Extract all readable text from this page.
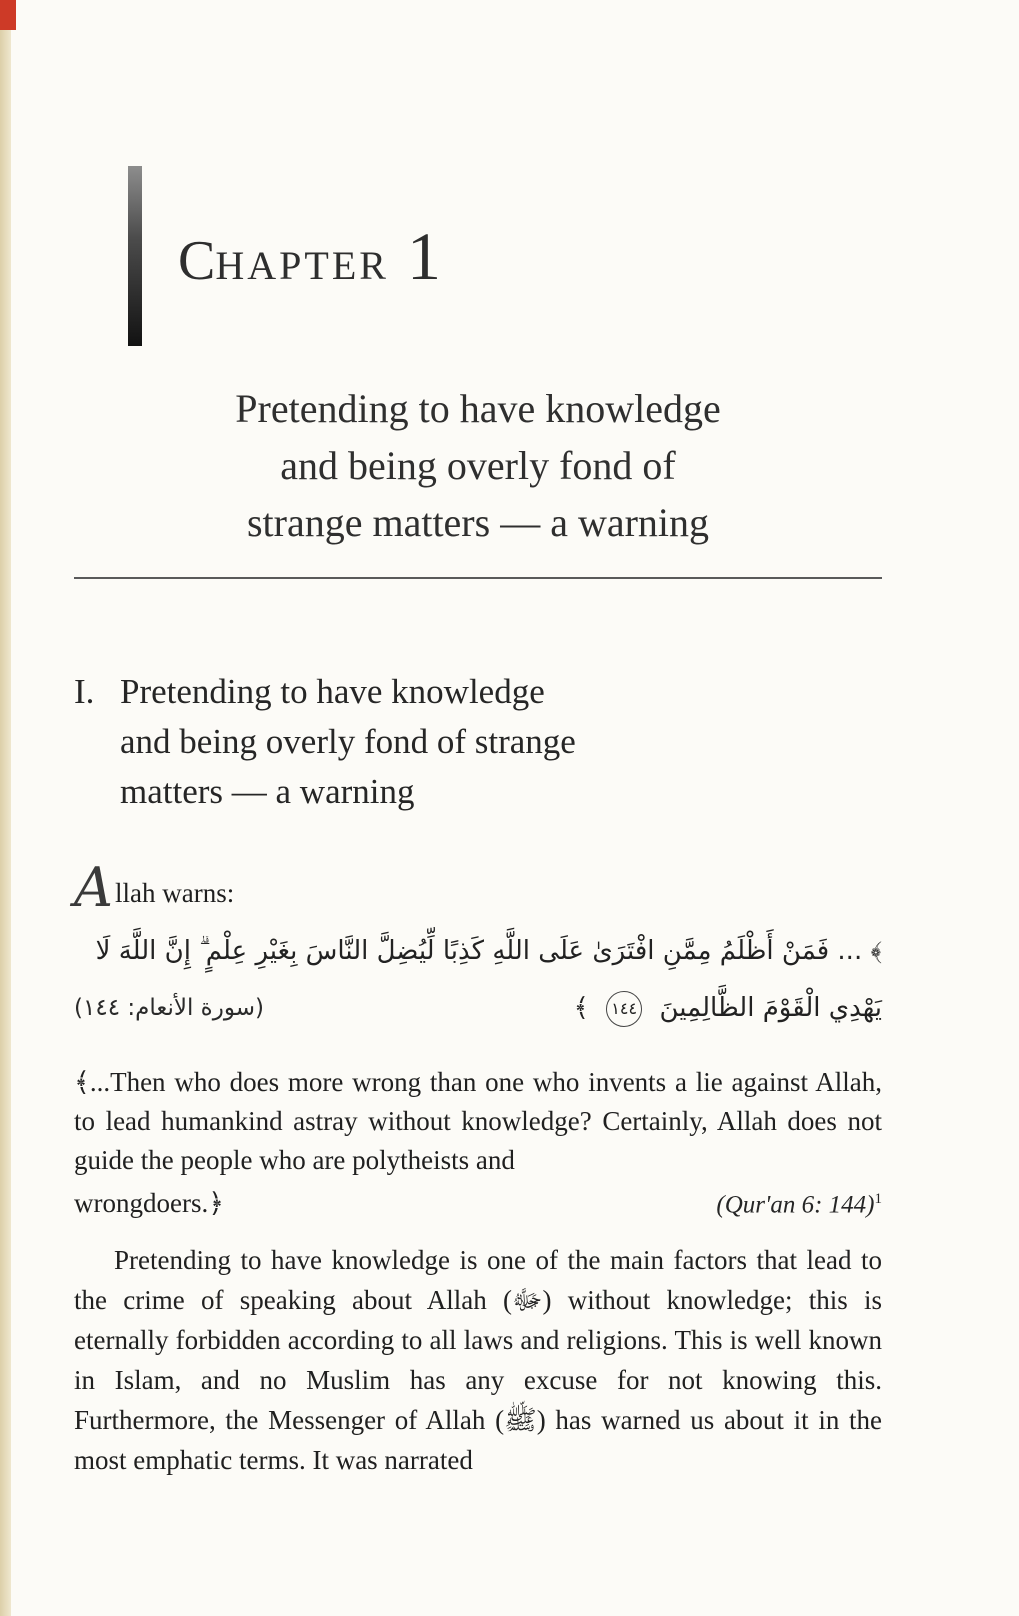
C HAPTER 1
Pretending to have knowledge
and being overly fond of
strange matters — a warning
I. Pretending to have knowledge
and being overly fond of strange
matters — a warning
Allah warns:
﴾ ... فَمَنْ أَظْلَمُ مِمَّنِ افْتَرَىٰ عَلَى اللَّهِ كَذِبًا لِّيُضِلَّ النَّاسَ بِغَيْرِ عِلْمٍ ۗ إِنَّ اللَّهَ لَا
يَهْدِي الْقَوْمَ الظَّالِمِينَ ١٤٤ ﴾
(سورة الأنعام: ١٤٤)
﴾...Then who does more wrong than one who invents a lie against Allah, to lead humankind astray without knowledge? Certainly, Allah does not guide the people who are polytheists and
wrongdoers.﴿	(Qur'an 6: 144)$^1$
Pretending to have knowledge is one of the main factors that lead to the crime of speaking about Allah (ﷻ) without knowledge; this is eternally forbidden according to all laws and religions. This is well known in Islam, and no Muslim has any excuse for not knowing this. Furthermore, the Messenger of Allah (ﷺ) has warned us about it in the most emphatic terms. It was narrated
